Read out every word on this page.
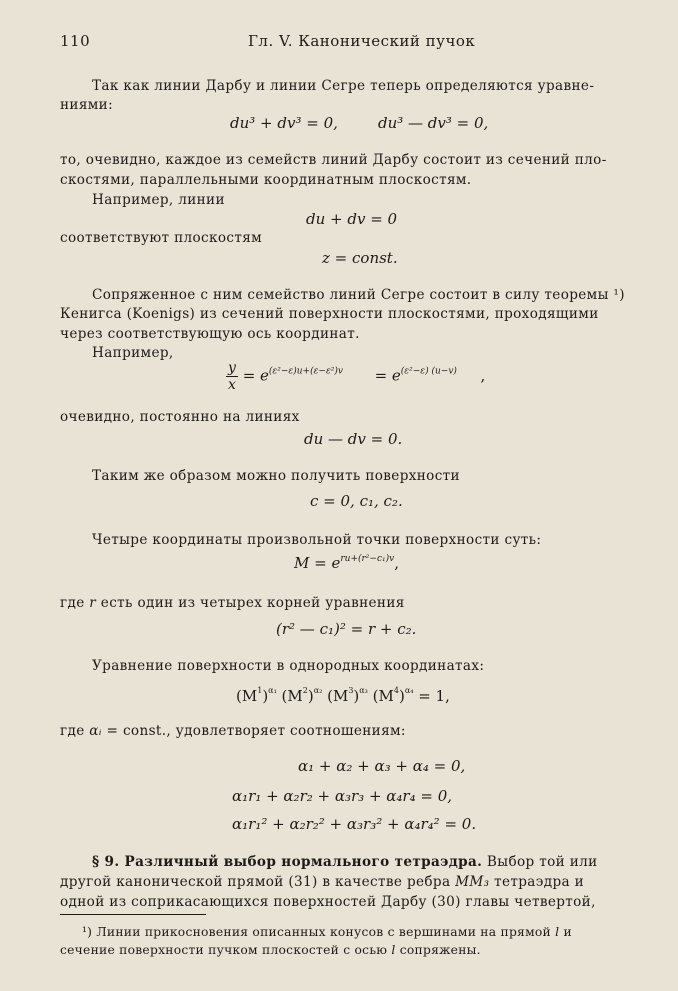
110	Гл. V. Канонический пучок
Так как линии Дарбу и линии Сегре теперь определяются уравне-
ниями:
du³ + dv³ = 0,	du³ — dv³ = 0,
то, очевидно, каждое из семейств линий Дарбу состоит из сечений пло-
скостями, параллельными координатным плоскостям.
Например, линии
du + dv = 0
соответствуют плоскостям
z = const.
Сопряженное с ним семейство линий Сегре состоит в силу теоремы ¹)
Кенигса (Koenigs) из сечений поверхности плоскостями, проходящими
через соответствующую ось координат.
Например,
$\frac{y}{x} = e^{(\varepsilon^2-\varepsilon)u+(\varepsilon-\varepsilon^2)v} = e^{(\varepsilon^2-\varepsilon) (u-v)}$ ,
очевидно, постоянно на линиях
du — dv = 0.
Таким же образом можно получить поверхности
c = 0, c₁, c₂.
Четыре координаты произвольной точки поверхности суть:
$M = e^{ru+(r^2-c_1)v}$,
где r есть один из четырех корней уравнения
(r² — c₁)² = r + c₂.
Уравнение поверхности в однородных координатах:
$(M^1)^{\alpha_1}$ $(M^2)^{\alpha_2}$ $(M^3)^{\alpha_3}$ $(M^4)^{\alpha_4} = 1$,
где αᵢ = const., удовлетворяет соотношениям:
α₁ + α₂ + α₃ + α₄ = 0,
α₁r₁ + α₂r₂ + α₃r₃ + α₄r₄ = 0,
α₁r₁² + α₂r₂² + α₃r₃² + α₄r₄² = 0.
§ 9. Различный выбор нормального тетраэдра. Выбор той или
другой канонической прямой (31) в качестве ребра MM₃ тетраэдра и
одной из соприкасающихся поверхностей Дарбу (30) главы четвертой,
¹) Линии прикосновения описанных конусов с вершинами на прямой l и
сечение поверхности пучком плоскостей с осью l сопряжены.
